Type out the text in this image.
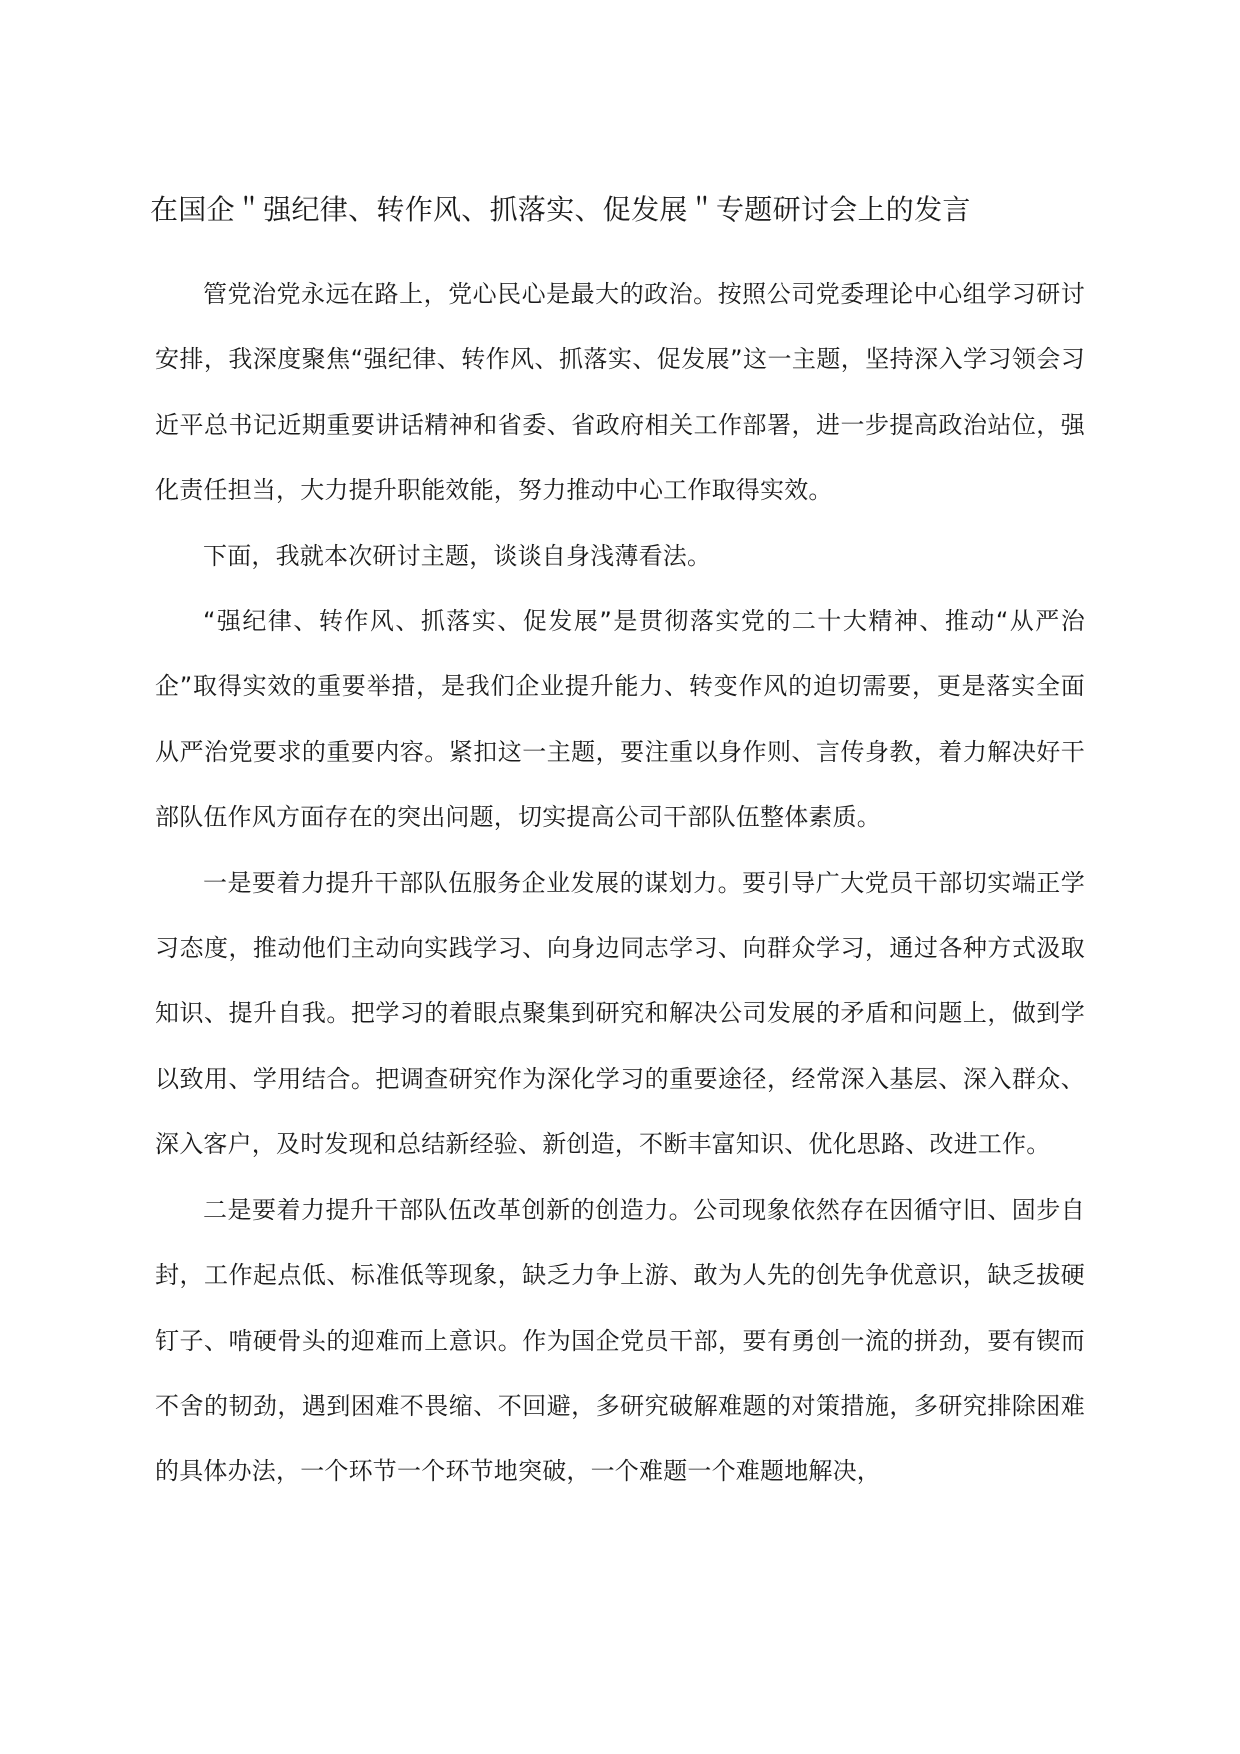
在国企＂强纪律、转作风、抓落实、促发展＂专题研讨会上的发言

管党治党永远在路上，党心民心是最大的政治。按照公司党委理论中心组学习研讨安排，我深度聚焦“强纪律、转作风、抓落实、促发展”这一主题，坚持深入学习领会习近平总书记近期重要讲话精神和省委、省政府相关工作部署，进一步提高政治站位，强化责任担当，大力提升职能效能，努力推动中心工作取得实效。

下面，我就本次研讨主题，谈谈自身浅薄看法。

“强纪律、转作风、抓落实、促发展”是贯彻落实党的二十大精神、推动“从严治企”取得实效的重要举措，是我们企业提升能力、转变作风的迫切需要，更是落实全面从严治党要求的重要内容。紧扣这一主题，要注重以身作则、言传身教，着力解决好干部队伍作风方面存在的突出问题，切实提高公司干部队伍整体素质。

一是要着力提升干部队伍服务企业发展的谋划力。要引导广大党员干部切实端正学习态度，推动他们主动向实践学习、向身边同志学习、向群众学习，通过各种方式汲取知识、提升自我。把学习的着眼点聚集到研究和解决公司发展的矛盾和问题上，做到学以致用、学用结合。把调查研究作为深化学习的重要途径，经常深入基层、深入群众、深入客户，及时发现和总结新经验、新创造，不断丰富知识、优化思路、改进工作。

二是要着力提升干部队伍改革创新的创造力。公司现象依然存在因循守旧、固步自封，工作起点低、标准低等现象，缺乏力争上游、敢为人先的创先争优意识，缺乏拔硬钉子、啃硬骨头的迎难而上意识。作为国企党员干部，要有勇创一流的拼劲，要有锲而不舍的韧劲，遇到困难不畏缩、不回避，多研究破解难题的对策措施，多研究排除困难的具体办法，一个环节一个环节地突破，一个难题一个难题地解决，
